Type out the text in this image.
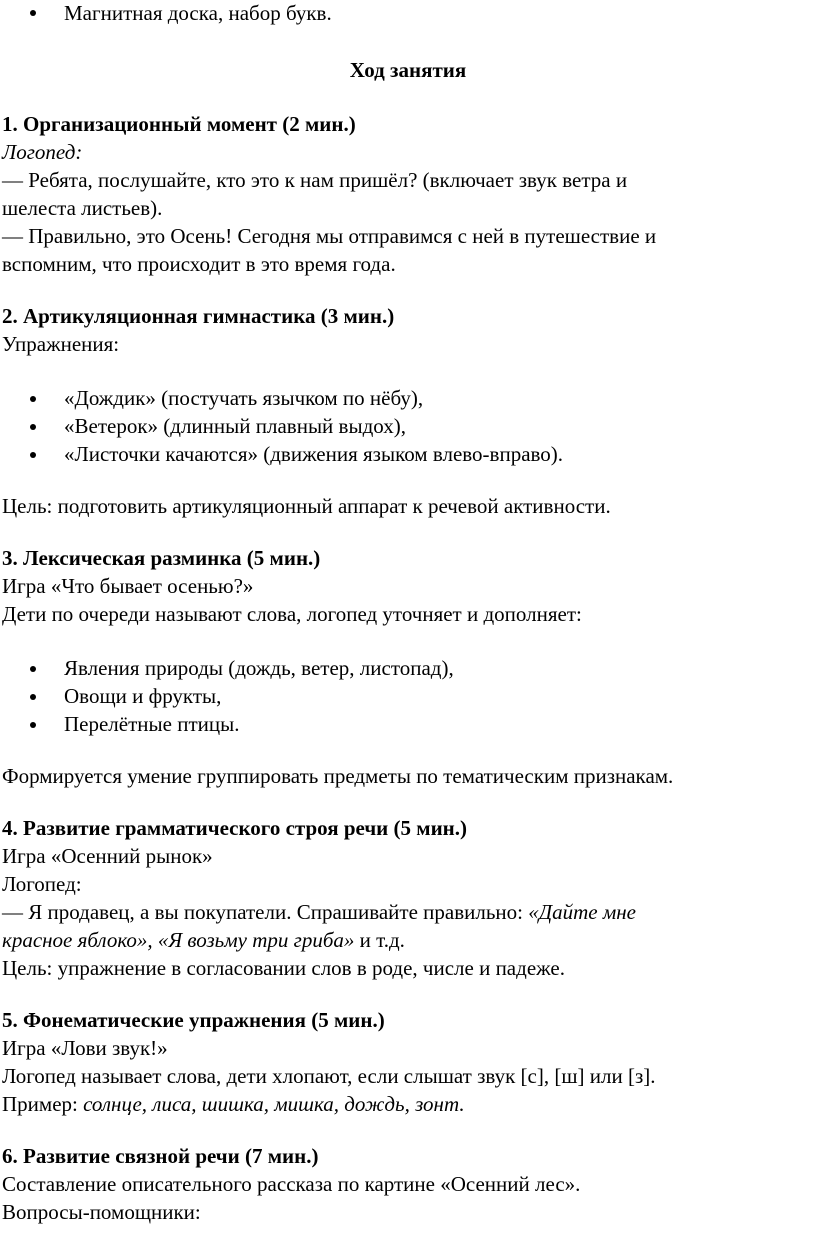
Магнитная доска, набор букв.
Ход занятия
1. Организационный момент (2 мин.)
Логопед:
— Ребята, послушайте, кто это к нам пришёл? (включает звук ветра и
шелеста листьев).
— Правильно, это Осень! Сегодня мы отправимся с ней в путешествие и
вспомним, что происходит в это время года.
2. Артикуляционная гимнастика (3 мин.)
Упражнения:
«Дождик» (постучать язычком по нёбу),
«Ветерок» (длинный плавный выдох),
«Листочки качаются» (движения языком влево-вправо).
Цель: подготовить артикуляционный аппарат к речевой активности.
3. Лексическая разминка (5 мин.)
Игра «Что бывает осенью?»
Дети по очереди называют слова, логопед уточняет и дополняет:
Явления природы (дождь, ветер, листопад),
Овощи и фрукты,
Перелётные птицы.
Формируется умение группировать предметы по тематическим признакам.
4. Развитие грамматического строя речи (5 мин.)
Игра «Осенний рынок»
Логопед:
— Я продавец, а вы покупатели. Спрашивайте правильно: «Дайте мне
красное яблоко», «Я возьму три гриба» и т.д.
Цель: упражнение в согласовании слов в роде, числе и падеже.
5. Фонематические упражнения (5 мин.)
Игра «Лови звук!»
Логопед называет слова, дети хлопают, если слышат звук [с], [ш] или [з].
Пример: солнце, лиса, шишка, мишка, дождь, зонт.
6. Развитие связной речи (7 мин.)
Составление описательного рассказа по картине «Осенний лес».
Вопросы-помощники:
